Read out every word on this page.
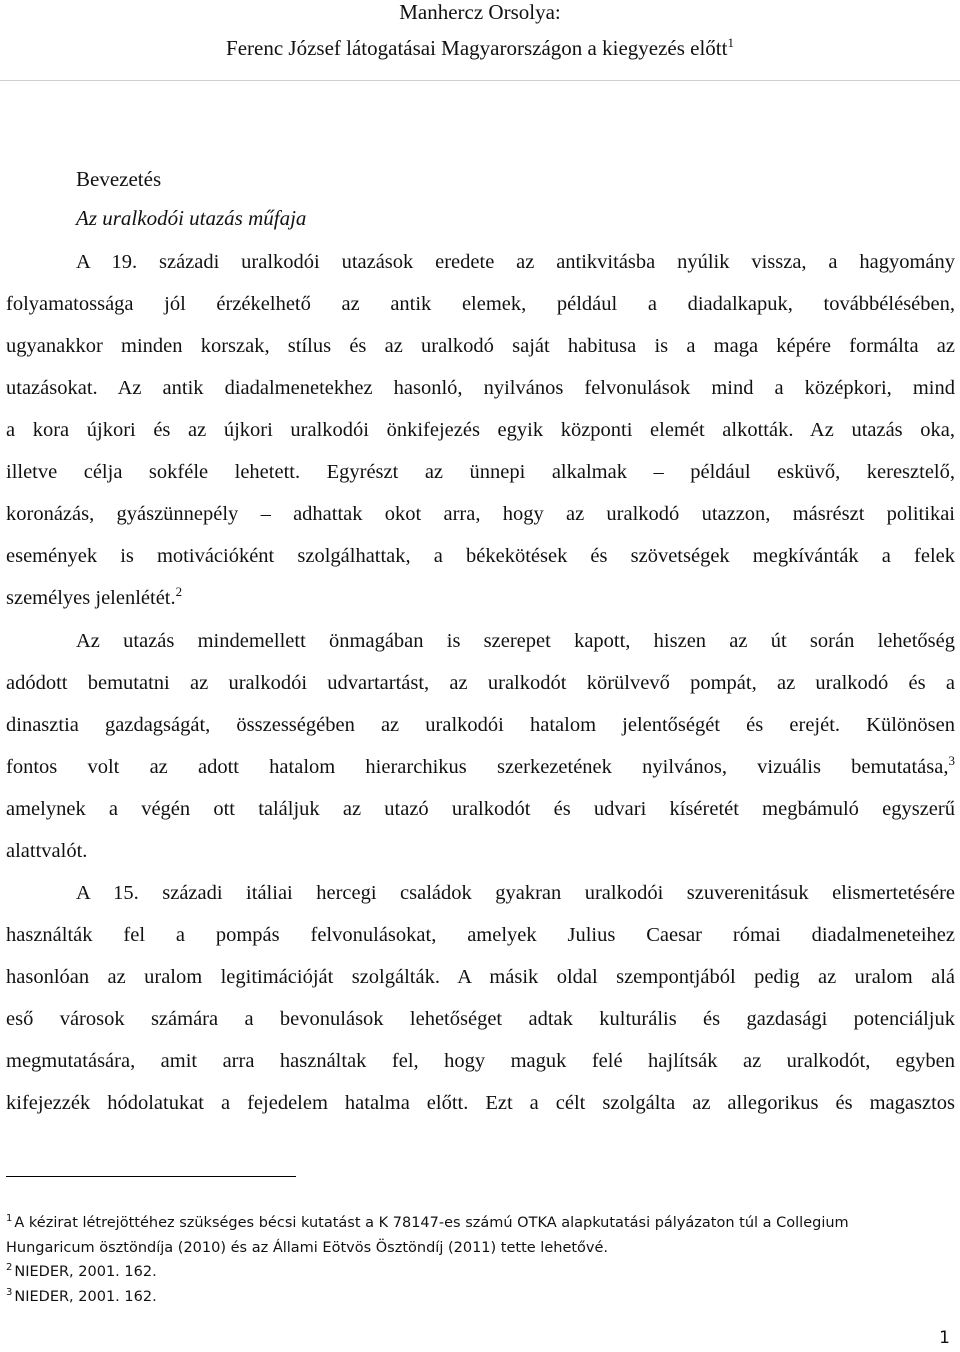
Manhercz Orsolya:
Ferenc József látogatásai Magyarországon a kiegyezés előtt$^1$
Bevezetés
Az uralkodói utazás műfaja
A 19. századi uralkodói utazások eredete az antikvitásba nyúlik vissza, a hagyomány
folyamatossága jól érzékelhető az antik elemek, például a diadalkapuk, továbbélésében,
ugyanakkor minden korszak, stílus és az uralkodó saját habitusa is a maga képére formálta az
utazásokat. Az antik diadalmenetekhez hasonló, nyilvános felvonulások mind a középkori, mind
a kora újkori és az újkori uralkodói önkifejezés egyik központi elemét alkották. Az utazás oka,
illetve célja sokféle lehetett. Egyrészt az ünnepi alkalmak – például esküvő, keresztelő,
koronázás, gyászünnepély – adhattak okot arra, hogy az uralkodó utazzon, másrészt politikai
események is motivációként szolgálhattak, a békekötések és szövetségek megkívánták a felek
személyes jelenlétét.$^2$
Az utazás mindemellett önmagában is szerepet kapott, hiszen az út során lehetőség
adódott bemutatni az uralkodói udvartartást, az uralkodót körülvevő pompát, az uralkodó és a
dinasztia gazdagságát, összességében az uralkodói hatalom jelentőségét és erejét. Különösen
fontos volt az adott hatalom hierarchikus szerkezetének nyilvános, vizuális bemutatása,$^3$
amelynek a végén ott találjuk az utazó uralkodót és udvari kíséretét megbámuló egyszerű
alattvalót.
A 15. századi itáliai hercegi családok gyakran uralkodói szuverenitásuk elismertetésére
használták fel a pompás felvonulásokat, amelyek Julius Caesar római diadalmeneteihez
hasonlóan az uralom legitimációját szolgálták. A másik oldal szempontjából pedig az uralom alá
eső városok számára a bevonulások lehetőséget adtak kulturális és gazdasági potenciáljuk
megmutatására, amit arra használtak fel, hogy maguk felé hajlítsák az uralkodót, egyben
kifejezzék hódolatukat a fejedelem hatalma előtt. Ezt a célt szolgálta az allegorikus és magasztos
$^1$ A kézirat létrejöttéhez szükséges bécsi kutatást a K 78147-es számú OTKA alapkutatási pályázaton túl a Collegium
Hungaricum ösztöndíja (2010) és az Állami Eötvös Ösztöndíj (2011) tette lehetővé.
$^2$ NIEDER, 2001. 162.
$^3$ NIEDER, 2001. 162.
1
